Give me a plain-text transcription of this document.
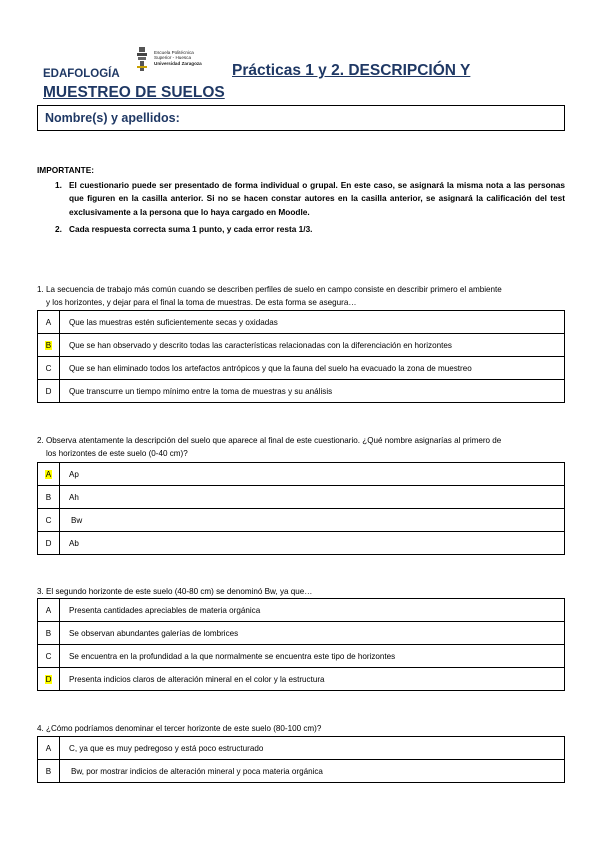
EDAFOLOGÍA
Escuela Politécnica
Superior - Huesca
Universidad Zaragoza Prácticas 1 y 2. DESCRIPCIÓN Y
MUESTREO DE SUELOS
Nombre(s) y apellidos:
IMPORTANTE:
1. El cuestionario puede ser presentado de forma individual o grupal. En este caso, se asignará la misma nota a las personas que figuren en la casilla anterior. Si no se hacen constar autores en la casilla anterior, se asignará la calificación del test exclusivamente a la persona que lo haya cargado en Moodle.
2. Cada respuesta correcta suma 1 punto, y cada error resta 1/3.
1. La secuencia de trabajo más común cuando se describen perfiles de suelo en campo consiste en describir primero el ambiente
y los horizontes, y dejar para el final la toma de muestras. De esta forma se asegura…
A	Que las muestras estén suficientemente secas y oxidadas
B	Que se han observado y descrito todas las características relacionadas con la diferenciación en horizontes
C	Que se han eliminado todos los artefactos antrópicos y que la fauna del suelo ha evacuado la zona de muestreo
D	Que transcurre un tiempo mínimo entre la toma de muestras y su análisis
2. Observa atentamente la descripción del suelo que aparece al final de este cuestionario. ¿Qué nombre asignarías al primero de
los horizontes de este suelo (0-40 cm)?
A	Ap
B	Ah
C	Bw
D	Ab
3. El segundo horizonte de este suelo (40-80 cm) se denominó Bw, ya que…
A	Presenta cantidades apreciables de materia orgánica
B	Se observan abundantes galerías de lombrices
C	Se encuentra en la profundidad a la que normalmente se encuentra este tipo de horizontes
D	Presenta indicios claros de alteración mineral en el color y la estructura
4. ¿Cómo podríamos denominar el tercer horizonte de este suelo (80-100 cm)?
A	C, ya que es muy pedregoso y está poco estructurado
B	Bw, por mostrar indicios de alteración mineral y poca materia orgánica
